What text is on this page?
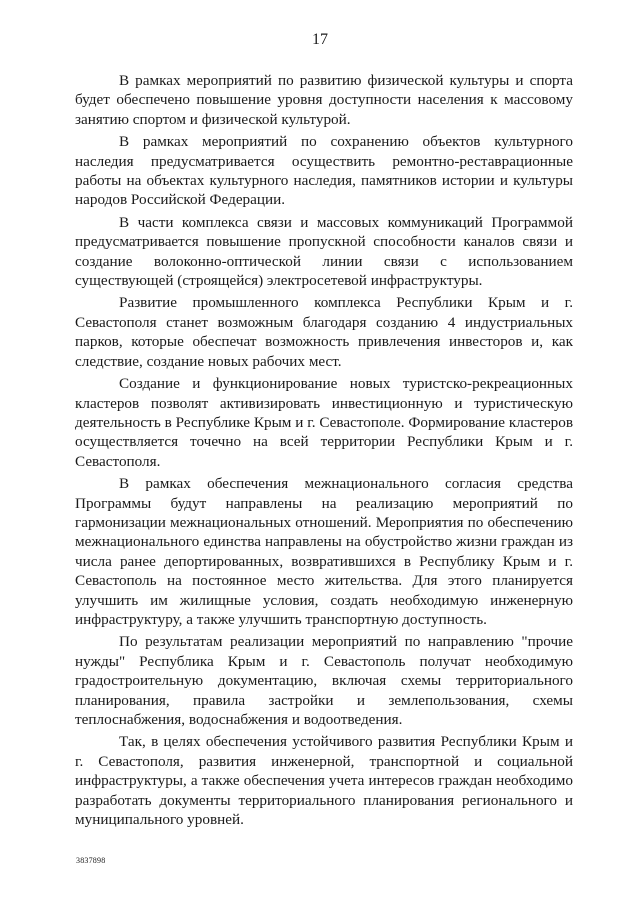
17

В рамках мероприятий по развитию физической культуры и спорта будет обеспечено повышение уровня доступности населения к массовому занятию спортом и физической культурой.

В рамках мероприятий по сохранению объектов культурного наследия предусматривается осуществить ремонтно-реставрационные работы на объектах культурного наследия, памятников истории и культуры народов Российской Федерации.

В части комплекса связи и массовых коммуникаций Программой предусматривается повышение пропускной способности каналов связи и создание волоконно-оптической линии связи с использованием существующей (строящейся) электросетевой инфраструктуры.

Развитие промышленного комплекса Республики Крым и г. Севастополя станет возможным благодаря созданию 4 индустриальных парков, которые обеспечат возможность привлечения инвесторов и, как следствие, создание новых рабочих мест.

Создание и функционирование новых туристско-рекреационных кластеров позволят активизировать инвестиционную и туристическую деятельность в Республике Крым и г. Севастополе. Формирование кластеров осуществляется точечно на всей территории Республики Крым и г. Севастополя.

В рамках обеспечения межнационального согласия средства Программы будут направлены на реализацию мероприятий по гармонизации межнациональных отношений. Мероприятия по обеспечению межнационального единства направлены на обустройство жизни граждан из числа ранее депортированных, возвратившихся в Республику Крым и г. Севастополь на постоянное место жительства. Для этого планируется улучшить им жилищные условия, создать необходимую инженерную инфраструктуру, а также улучшить транспортную доступность.

По результатам реализации мероприятий по направлению "прочие нужды" Республика Крым и г. Севастополь получат необходимую градостроительную документацию, включая схемы территориального планирования, правила застройки и землепользования, схемы теплоснабжения, водоснабжения и водоотведения.

Так, в целях обеспечения устойчивого развития Республики Крым и г. Севастополя, развития инженерной, транспортной и социальной инфраструктуры, а также обеспечения учета интересов граждан необходимо разработать документы территориального планирования регионального и муниципального уровней.

3837898
